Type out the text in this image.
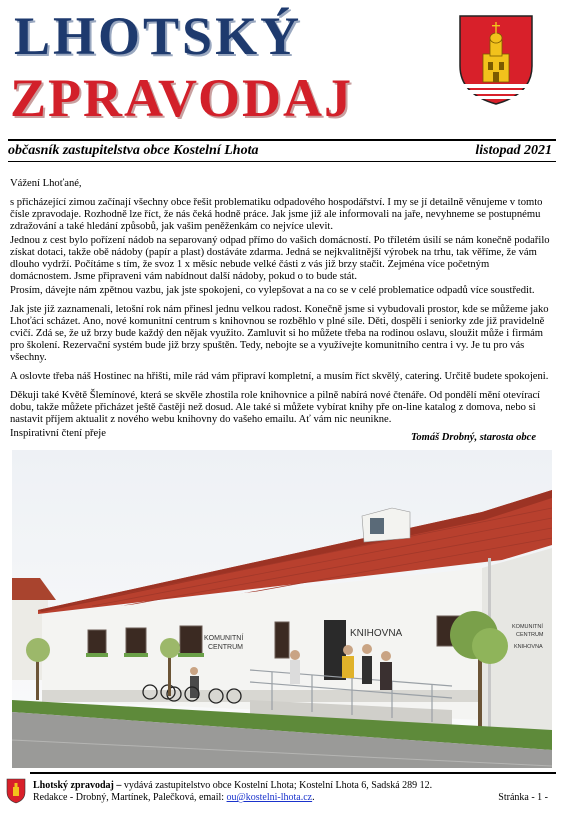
LHOTSKÝ
ZPRAVODAJ
občasník zastupitelstva obce Kostelní Lhota	listopad 2021

Vážení Lhoťané,

s přicházející zimou začínají všechny obce řešit problematiku odpadového hospodářství. I my se jí detailně věnujeme v tomto čísle zpravodaje. Rozhodně lze říct, že nás čeká hodně práce. Jak jsme již ale informovali na jaře, nevyhneme se postupnému zdražování a také hledání způsobů, jak vašim peněženkám co nejvíce ulevit.

Jednou z cest bylo pořízení nádob na separovaný odpad přímo do vašich domácností. Po tříletém úsilí se nám konečně podařilo získat dotaci, takže obě nádoby (papír a plast) dostáváte zdarma. Jedná se nejkvalitnější výrobek na trhu, tak věříme, že vám dlouho vydrží. Počítáme s tím, že svoz 1 x měsíc nebude velké části z vás již brzy stačit. Zejména více početným domácnostem. Jsme připraveni vám nabídnout další nádoby, pokud o to bude stát.

Prosím, dávejte nám zpětnou vazbu, jak jste spokojeni, co vylepšovat a na co se v celé problematice odpadů více soustředit.

Jak jste již zaznamenali, letošní rok nám přinesl jednu velkou radost. Konečně jsme si vybudovali prostor, kde se můžeme jako Lhoťáci scházet. Ano, nové komunitní centrum s knihovnou se rozběhlo v plné síle. Děti, dospělí i seniorky zde již pravidelně cvičí. Zdá se, že už brzy bude každý den nějak využito. Zamluvit si ho můžete třeba na rodinou oslavu, sloužit může i firmám pro školení. Rezervační systém bude již brzy spuštěn. Tedy, nebojte se a využívejte komunitního centra i vy. Je tu pro vás všechny.

A oslovte třeba náš Hostinec na hřišti, mile rád vám připraví kompletní, a musím říct skvělý, catering. Určitě budete spokojeni.

Děkuji také Květě Šlemínové, která se skvěle zhostila role knihovnice a pilně nabírá nové čtenáře. Od pondělí mění otevírací dobu, takže můžete přicházet ještě častěji než dosud. Ale také si můžete vybírat knihy pře on-line katalog z domova, nebo si nastavit příjem aktualit z nového webu knihovny do vašeho emailu. Ať vám nic neunikne.

Inspirativní čtení přeje	Tomáš Drobný, starosta obce
KOMUNITNÍ
CENTRUM
KNIHOVNA
KOMUNITNÍ
CENTRUM
KNIHOVNA
Lhotský zpravodaj – vydává zastupitelstvo obce Kostelní Lhota; Kostelní Lhota 6, Sadská 289 12.
Redakce - Drobný, Martínek, Palečková, email: ou@kostelni-lhota.cz.	Stránka - 1 -
